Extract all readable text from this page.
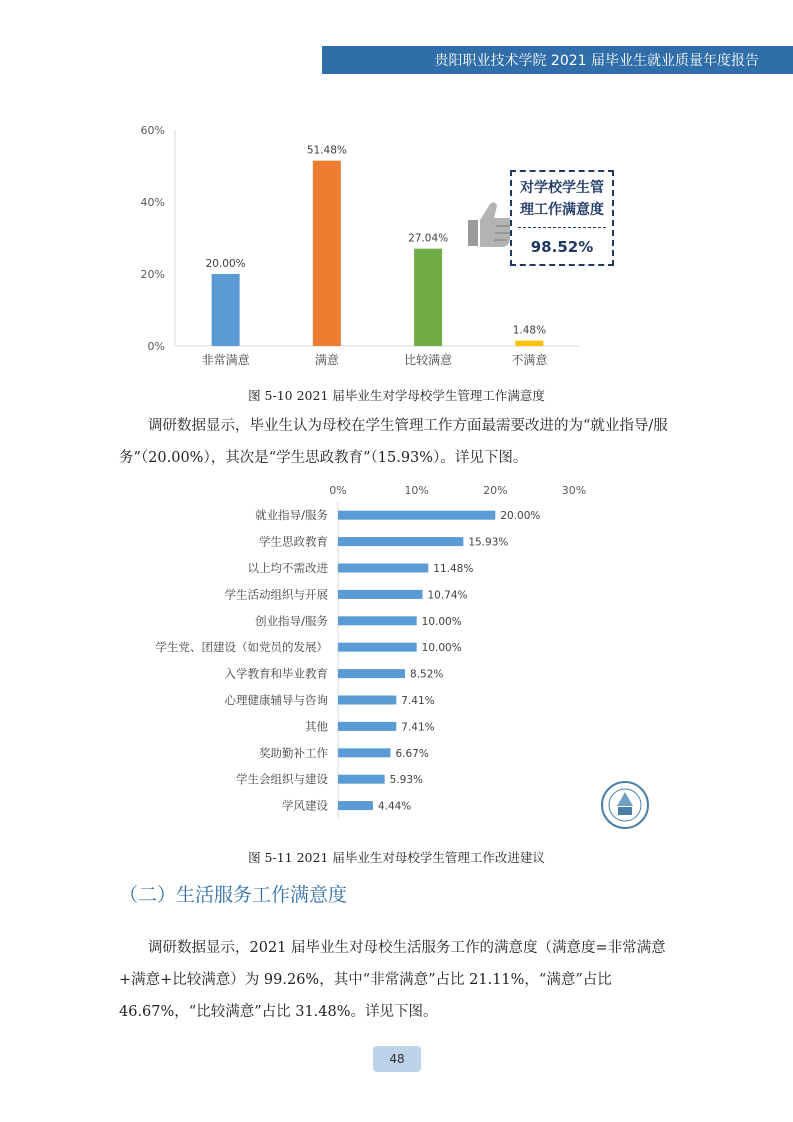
贵阳职业技术学院 2021 届毕业生就业质量年度报告
20.00%
51.48%
27.04%
1.48%
0%
20%
40%
60%
非常满意	满意	比较满意	不满意
对学校学生管理工作满意度
98.52%
图 5-10 2021 届毕业生对学母校学生管理工作满意度

调研数据显示，毕业生认为母校在学生管理工作方面最需要改进的为“就业指导/服务”（20.00%），其次是“学生思政教育”（15.93%）。详见下图。

20.00%
15.93%
11.48%
10.74%
10.00%
10.00%
8.52%
7.41%
7.41%
6.67%
5.93%
4.44%
0%	10%	20%	30%
就业指导/服务
学生思政教育
以上均不需改进
学生活动组织与开展
创业指导/服务
学生党、团建设（如党员的发展）
入学教育和毕业教育
心理健康辅导与咨询
其他
奖助勤补工作
学生会组织与建设
学风建设
图 5-11 2021 届毕业生对母校学生管理工作改进建议
（二）生活服务工作满意度

调研数据显示，2021 届毕业生对母校生活服务工作的满意度（满意度=非常满意+满意+比较满意）为 99.26%，其中“非常满意”占比 21.11%，“满意”占比 46.67%，“比较满意”占比 31.48%。详见下图。

48
